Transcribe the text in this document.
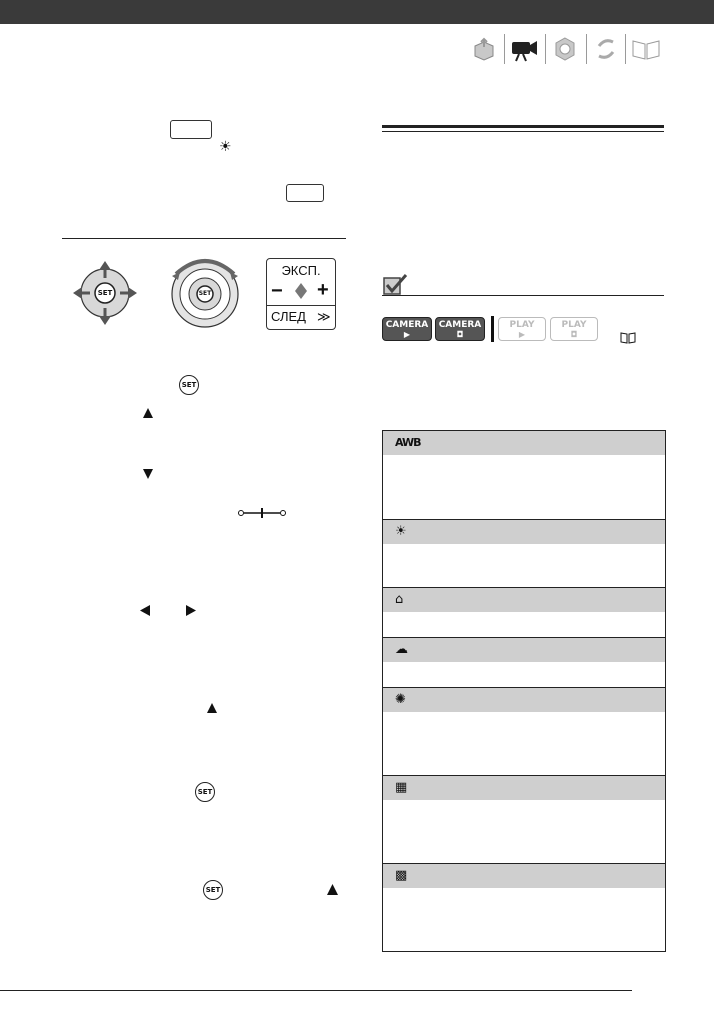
☀
SET	SET
ЭКСП.
− +
СЛЕД ≫
SET
SET
SET
CAMERA
▶
CAMERA
◘
PLAY
▶
PLAY
◘
AWB
☀
⌂
☁
✺
▦
▩
